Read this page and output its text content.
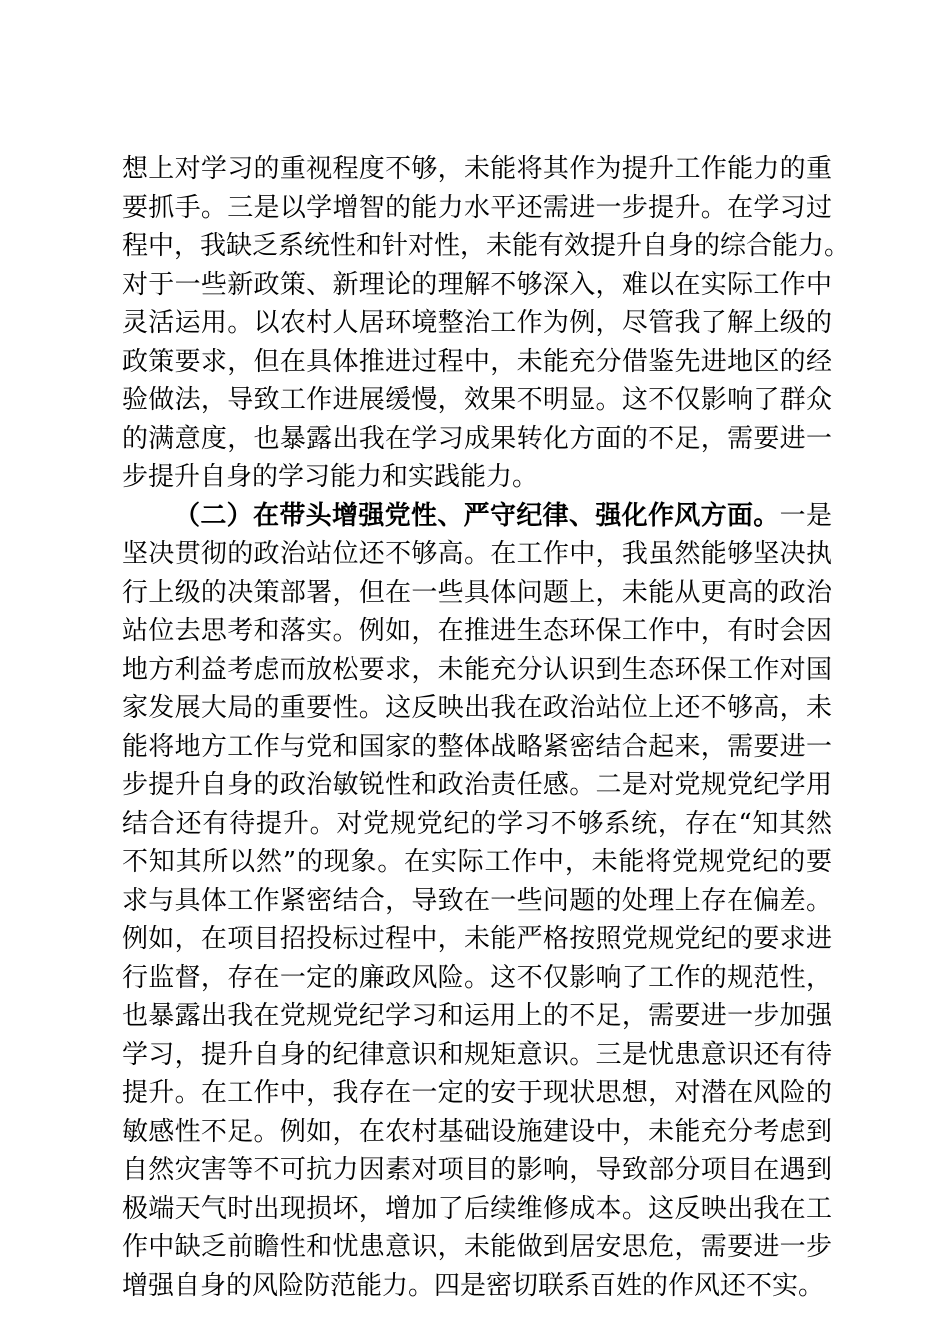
想上对学习的重视程度不够，未能将其作为提升工作能力的重
要抓手。三是以学增智的能力水平还需进一步提升。在学习过
程中，我缺乏系统性和针对性，未能有效提升自身的综合能力。
对于一些新政策、新理论的理解不够深入，难以在实际工作中
灵活运用。以农村人居环境整治工作为例，尽管我了解上级的
政策要求，但在具体推进过程中，未能充分借鉴先进地区的经
验做法，导致工作进展缓慢，效果不明显。这不仅影响了群众
的满意度，也暴露出我在学习成果转化方面的不足，需要进一
步提升自身的学习能力和实践能力。
（二）在带头增强党性、严守纪律、强化作风方面。一是
坚决贯彻的政治站位还不够高。在工作中，我虽然能够坚决执
行上级的决策部署，但在一些具体问题上，未能从更高的政治
站位去思考和落实。例如，在推进生态环保工作中，有时会因
地方利益考虑而放松要求，未能充分认识到生态环保工作对国
家发展大局的重要性。这反映出我在政治站位上还不够高，未
能将地方工作与党和国家的整体战略紧密结合起来，需要进一
步提升自身的政治敏锐性和政治责任感。二是对党规党纪学用
结合还有待提升。对党规党纪的学习不够系统，存在“知其然
不知其所以然”的现象。在实际工作中，未能将党规党纪的要
求与具体工作紧密结合，导致在一些问题的处理上存在偏差。
例如，在项目招投标过程中，未能严格按照党规党纪的要求进
行监督，存在一定的廉政风险。这不仅影响了工作的规范性，
也暴露出我在党规党纪学习和运用上的不足，需要进一步加强
学习，提升自身的纪律意识和规矩意识。三是忧患意识还有待
提升。在工作中，我存在一定的安于现状思想，对潜在风险的
敏感性不足。例如，在农村基础设施建设中，未能充分考虑到
自然灾害等不可抗力因素对项目的影响，导致部分项目在遇到
极端天气时出现损坏，增加了后续维修成本。这反映出我在工
作中缺乏前瞻性和忧患意识，未能做到居安思危，需要进一步
增强自身的风险防范能力。四是密切联系百姓的作风还不实。
